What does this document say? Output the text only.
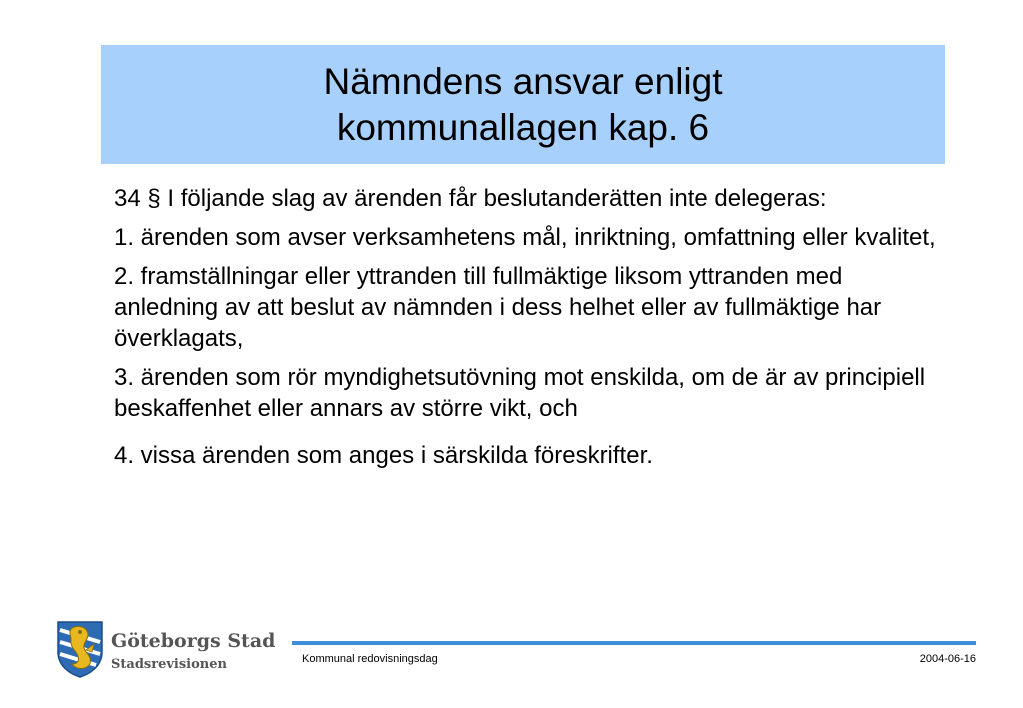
Nämndens ansvar enligt
kommunallagen kap. 6

34 § I följande slag av ärenden får beslutanderätten inte delegeras:

1. ärenden som avser verksamhetens mål, inriktning, omfattning eller kvalitet,

2. framställningar eller yttranden till fullmäktige liksom yttranden med anledning av att beslut av nämnden i dess helhet eller av fullmäktige har överklagats,

3. ärenden som rör myndighetsutövning mot enskilda, om de är av principiell beskaffenhet eller annars av större vikt, och

4. vissa ärenden som anges i särskilda föreskrifter.

Göteborgs Stad
Stadsrevisionen	Kommunal redovisningsdag	2004-06-16
